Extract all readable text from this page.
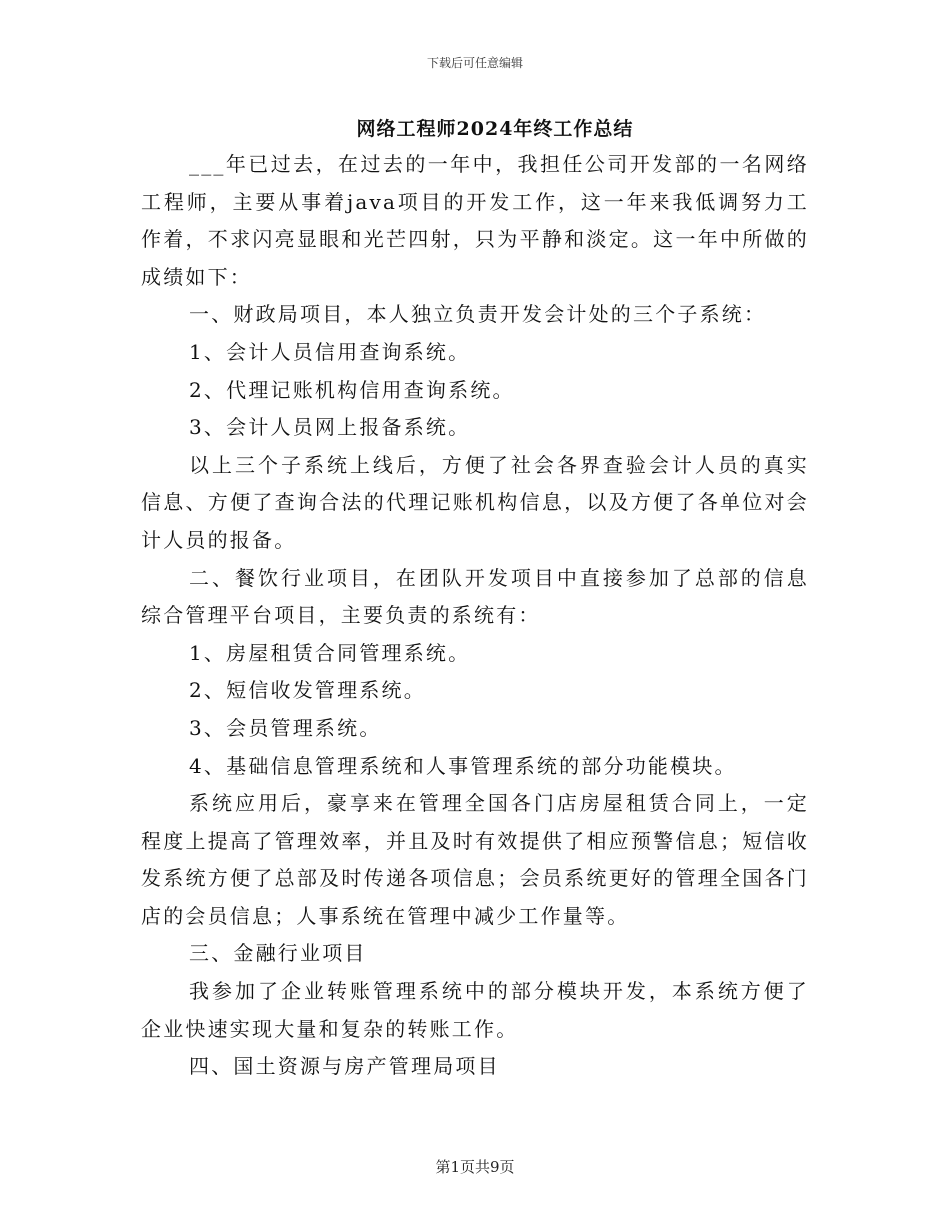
下载后可任意编辑
网络工程师2024年终工作总结

___年已过去，在过去的一年中，我担任公司开发部的一名网络工程师，主要从事着java项目的开发工作，这一年来我低调努力工作着，不求闪亮显眼和光芒四射，只为平静和淡定。这一年中所做的成绩如下：

一、财政局项目，本人独立负责开发会计处的三个子系统：

1、会计人员信用查询系统。

2、代理记账机构信用查询系统。

3、会计人员网上报备系统。

以上三个子系统上线后，方便了社会各界查验会计人员的真实信息、方便了查询合法的代理记账机构信息，以及方便了各单位对会计人员的报备。

二、餐饮行业项目，在团队开发项目中直接参加了总部的信息综合管理平台项目，主要负责的系统有：

1、房屋租赁合同管理系统。

2、短信收发管理系统。

3、会员管理系统。

4、基础信息管理系统和人事管理系统的部分功能模块。

系统应用后，豪享来在管理全国各门店房屋租赁合同上，一定程度上提高了管理效率，并且及时有效提供了相应预警信息；短信收发系统方便了总部及时传递各项信息；会员系统更好的管理全国各门店的会员信息；人事系统在管理中减少工作量等。

三、金融行业项目

我参加了企业转账管理系统中的部分模块开发，本系统方便了企业快速实现大量和复杂的转账工作。

四、国土资源与房产管理局项目

第1页共9页
